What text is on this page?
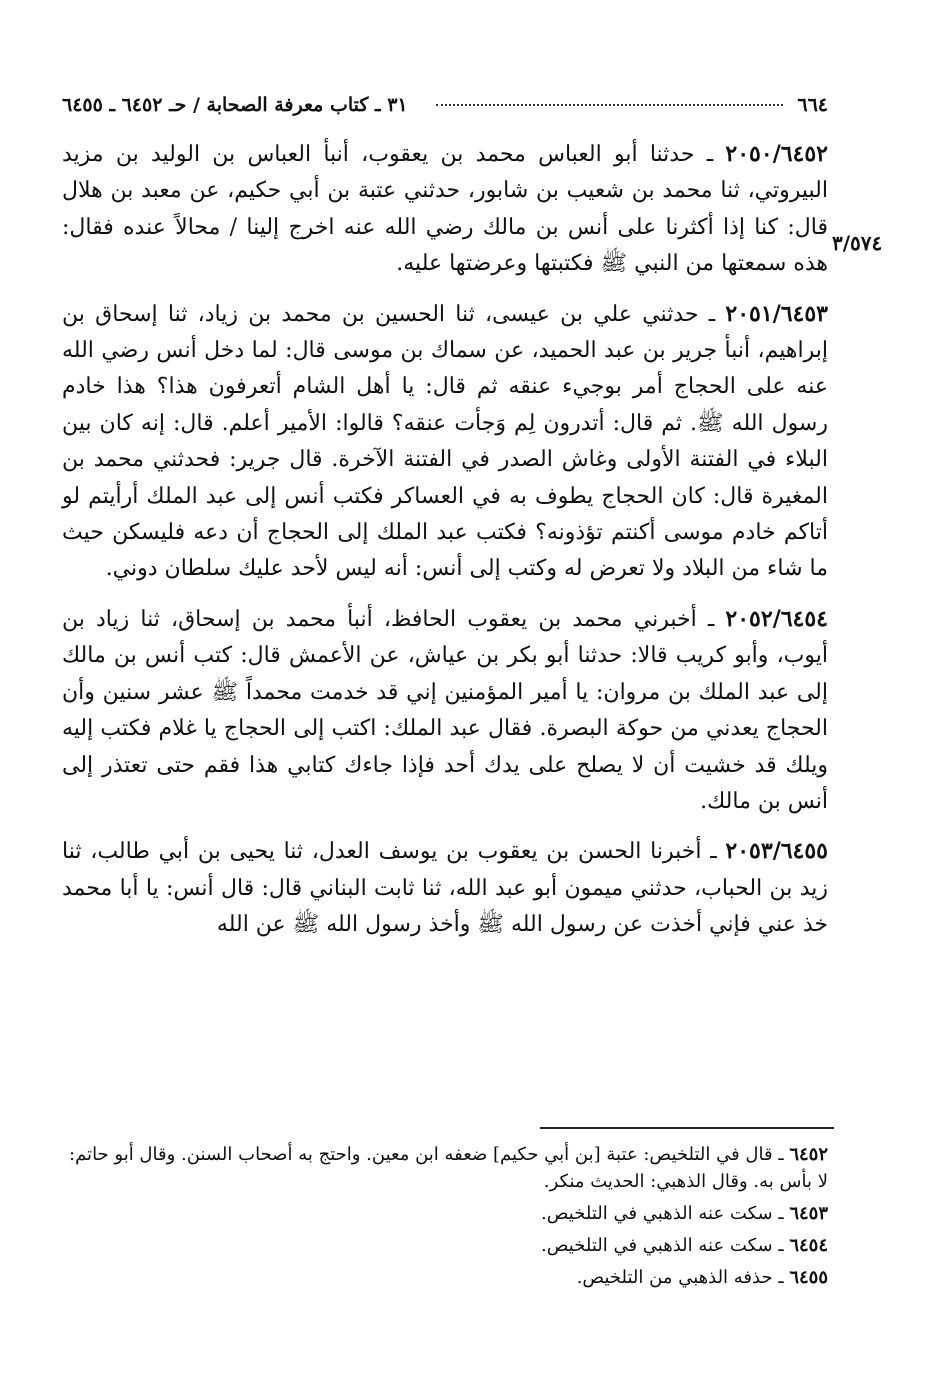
٦٦٤
٣١ ـ كتاب معرفة الصحابة / حـ ٦٤٥٢ ـ ٦٤٥٥
٣/٥٧٤

٢٠٥٠/٦٤٥٢ ـ حدثنا أبو العباس محمد بن يعقوب، أنبأ العباس بن الوليد بن مزيد البيروتي، ثنا محمد بن شعيب بن شابور، حدثني عتبة بن أبي حكيم، عن معبد بن هلال قال: كنا إذا أكثرنا على أنس بن مالك رضي الله عنه اخرج إلينا / محالاً عنده فقال: هذه سمعتها من النبي ﷺ فكتبتها وعرضتها عليه.

٢٠٥١/٦٤٥٣ ـ حدثني علي بن عيسى، ثنا الحسين بن محمد بن زياد، ثنا إسحاق بن إبراهيم، أنبأ جرير بن عبد الحميد، عن سماك بن موسى قال: لما دخل أنس رضي الله عنه على الحجاج أمر بوجيء عنقه ثم قال: يا أهل الشام أتعرفون هذا؟ هذا خادم رسول الله ﷺ. ثم قال: أتدرون لِم وَجأت عنقه؟ قالوا: الأمير أعلم. قال: إنه كان بين البلاء في الفتنة الأولى وغاش الصدر في الفتنة الآخرة. قال جرير: فحدثني محمد بن المغيرة قال: كان الحجاج يطوف به في العساكر فكتب أنس إلى عبد الملك أرأيتم لو أتاكم خادم موسى أكنتم تؤذونه؟ فكتب عبد الملك إلى الحجاج أن دعه فليسكن حيث ما شاء من البلاد ولا تعرض له وكتب إلى أنس: أنه ليس لأحد عليك سلطان دوني.

٢٠٥٢/٦٤٥٤ ـ أخبرني محمد بن يعقوب الحافظ، أنبأ محمد بن إسحاق، ثنا زياد بن أيوب، وأبو كريب قالا: حدثنا أبو بكر بن عياش، عن الأعمش قال: كتب أنس بن مالك إلى عبد الملك بن مروان: يا أمير المؤمنين إني قد خدمت محمداً ﷺ عشر سنين وأن الحجاج يعدني من حوكة البصرة. فقال عبد الملك: اكتب إلى الحجاج يا غلام فكتب إليه ويلك قد خشيت أن لا يصلح على يدك أحد فإذا جاءك كتابي هذا فقم حتى تعتذر إلى أنس بن مالك.

٢٠٥٣/٦٤٥٥ ـ أخبرنا الحسن بن يعقوب بن يوسف العدل، ثنا يحيى بن أبي طالب، ثنا زيد بن الحباب، حدثني ميمون أبو عبد الله، ثنا ثابت البناني قال: قال أنس: يا أبا محمد خذ عني فإني أخذت عن رسول الله ﷺ وأخذ رسول الله ﷺ عن الله

٦٤٥٢ ـ قال في التلخيص: عتبة [بن أبي حكيم] ضعفه ابن معين. واحتج به أصحاب السنن. وقال أبو حاتم: لا بأس به. وقال الذهبي: الحديث منكر.

٦٤٥٣ ـ سكت عنه الذهبي في التلخيص.

٦٤٥٤ ـ سكت عنه الذهبي في التلخيص.

٦٤٥٥ ـ حذفه الذهبي من التلخيص.
